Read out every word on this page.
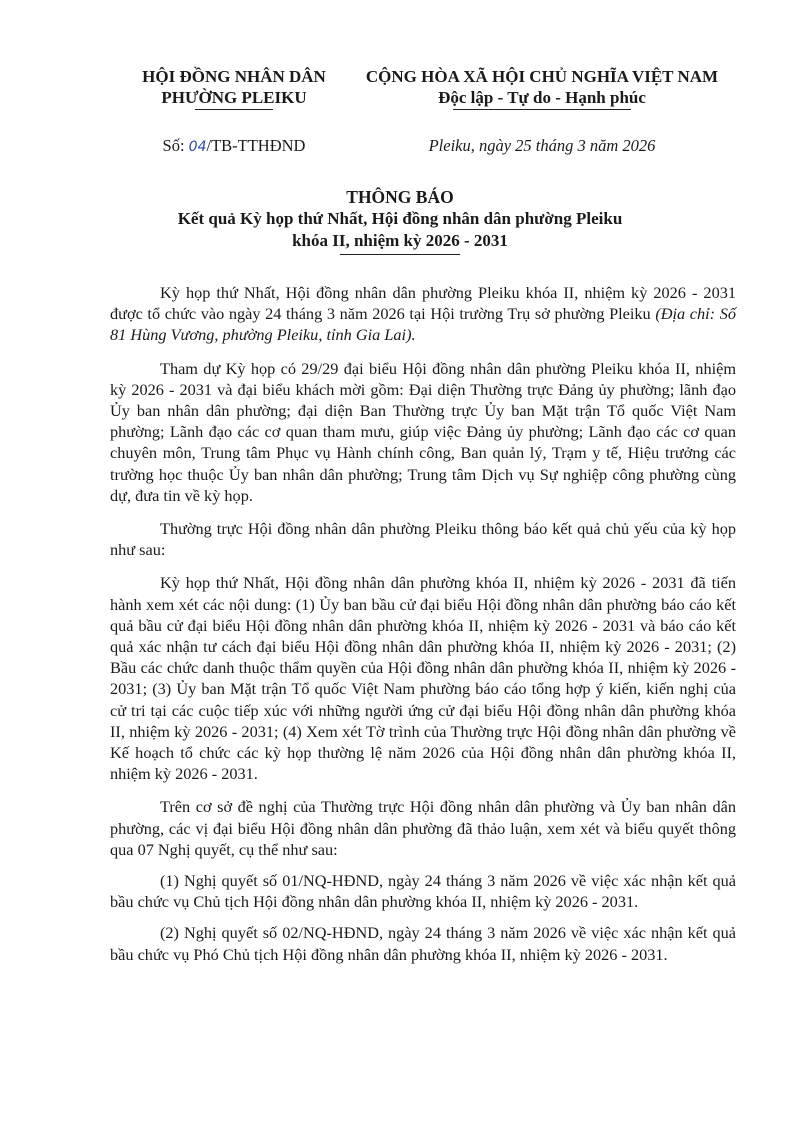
HỘI ĐỒNG NHÂN DÂN
PHƯỜNG PLEIKU
CỘNG HÒA XÃ HỘI CHỦ NGHĨA VIỆT NAM
Độc lập - Tự do - Hạnh phúc
Số: 04/TB-TTHĐND	Pleiku, ngày 25 tháng 3 năm 2026
THÔNG BÁO
Kết quả Kỳ họp thứ Nhất, Hội đồng nhân dân phường Pleiku
khóa II, nhiệm kỳ 2026 - 2031

Kỳ họp thứ Nhất, Hội đồng nhân dân phường Pleiku khóa II, nhiệm kỳ 2026 - 2031 được tổ chức vào ngày 24 tháng 3 năm 2026 tại Hội trường Trụ sở phường Pleiku (Địa chỉ: Số 81 Hùng Vương, phường Pleiku, tỉnh Gia Lai).

Tham dự Kỳ họp có 29/29 đại biểu Hội đồng nhân dân phường Pleiku khóa II, nhiệm kỳ 2026 - 2031 và đại biểu khách mời gồm: Đại diện Thường trực Đảng ủy phường; lãnh đạo Ủy ban nhân dân phường; đại diện Ban Thường trực Ủy ban Mặt trận Tổ quốc Việt Nam phường; Lãnh đạo các cơ quan tham mưu, giúp việc Đảng ủy phường; Lãnh đạo các cơ quan chuyên môn, Trung tâm Phục vụ Hành chính công, Ban quản lý, Trạm y tế, Hiệu trưởng các trường học thuộc Ủy ban nhân dân phường; Trung tâm Dịch vụ Sự nghiệp công phường cùng dự, đưa tin về kỳ họp.

Thường trực Hội đồng nhân dân phường Pleiku thông báo kết quả chủ yếu của kỳ họp như sau:

Kỳ họp thứ Nhất, Hội đồng nhân dân phường khóa II, nhiệm kỳ 2026 - 2031 đã tiến hành xem xét các nội dung: (1) Ủy ban bầu cử đại biểu Hội đồng nhân dân phường báo cáo kết quả bầu cử đại biểu Hội đồng nhân dân phường khóa II, nhiệm kỳ 2026 - 2031 và báo cáo kết quả xác nhận tư cách đại biểu Hội đồng nhân dân phường khóa II, nhiệm kỳ 2026 - 2031; (2) Bầu các chức danh thuộc thẩm quyền của Hội đồng nhân dân phường khóa II, nhiệm kỳ 2026 - 2031; (3) Ủy ban Mặt trận Tổ quốc Việt Nam phường báo cáo tổng hợp ý kiến, kiến nghị của cử tri tại các cuộc tiếp xúc với những người ứng cử đại biểu Hội đồng nhân dân phường khóa II, nhiệm kỳ 2026 - 2031; (4) Xem xét Tờ trình của Thường trực Hội đồng nhân dân phường về Kế hoạch tổ chức các kỳ họp thường lệ năm 2026 của Hội đồng nhân dân phường khóa II, nhiệm kỳ 2026 - 2031.

Trên cơ sở đề nghị của Thường trực Hội đồng nhân dân phường và Ủy ban nhân dân phường, các vị đại biểu Hội đồng nhân dân phường đã thảo luận, xem xét và biểu quyết thông qua 07 Nghị quyết, cụ thể như sau:

(1) Nghị quyết số 01/NQ-HĐND, ngày 24 tháng 3 năm 2026 về việc xác nhận kết quả bầu chức vụ Chủ tịch Hội đồng nhân dân phường khóa II, nhiệm kỳ 2026 - 2031.

(2) Nghị quyết số 02/NQ-HĐND, ngày 24 tháng 3 năm 2026 về việc xác nhận kết quả bầu chức vụ Phó Chủ tịch Hội đồng nhân dân phường khóa II, nhiệm kỳ 2026 - 2031.
